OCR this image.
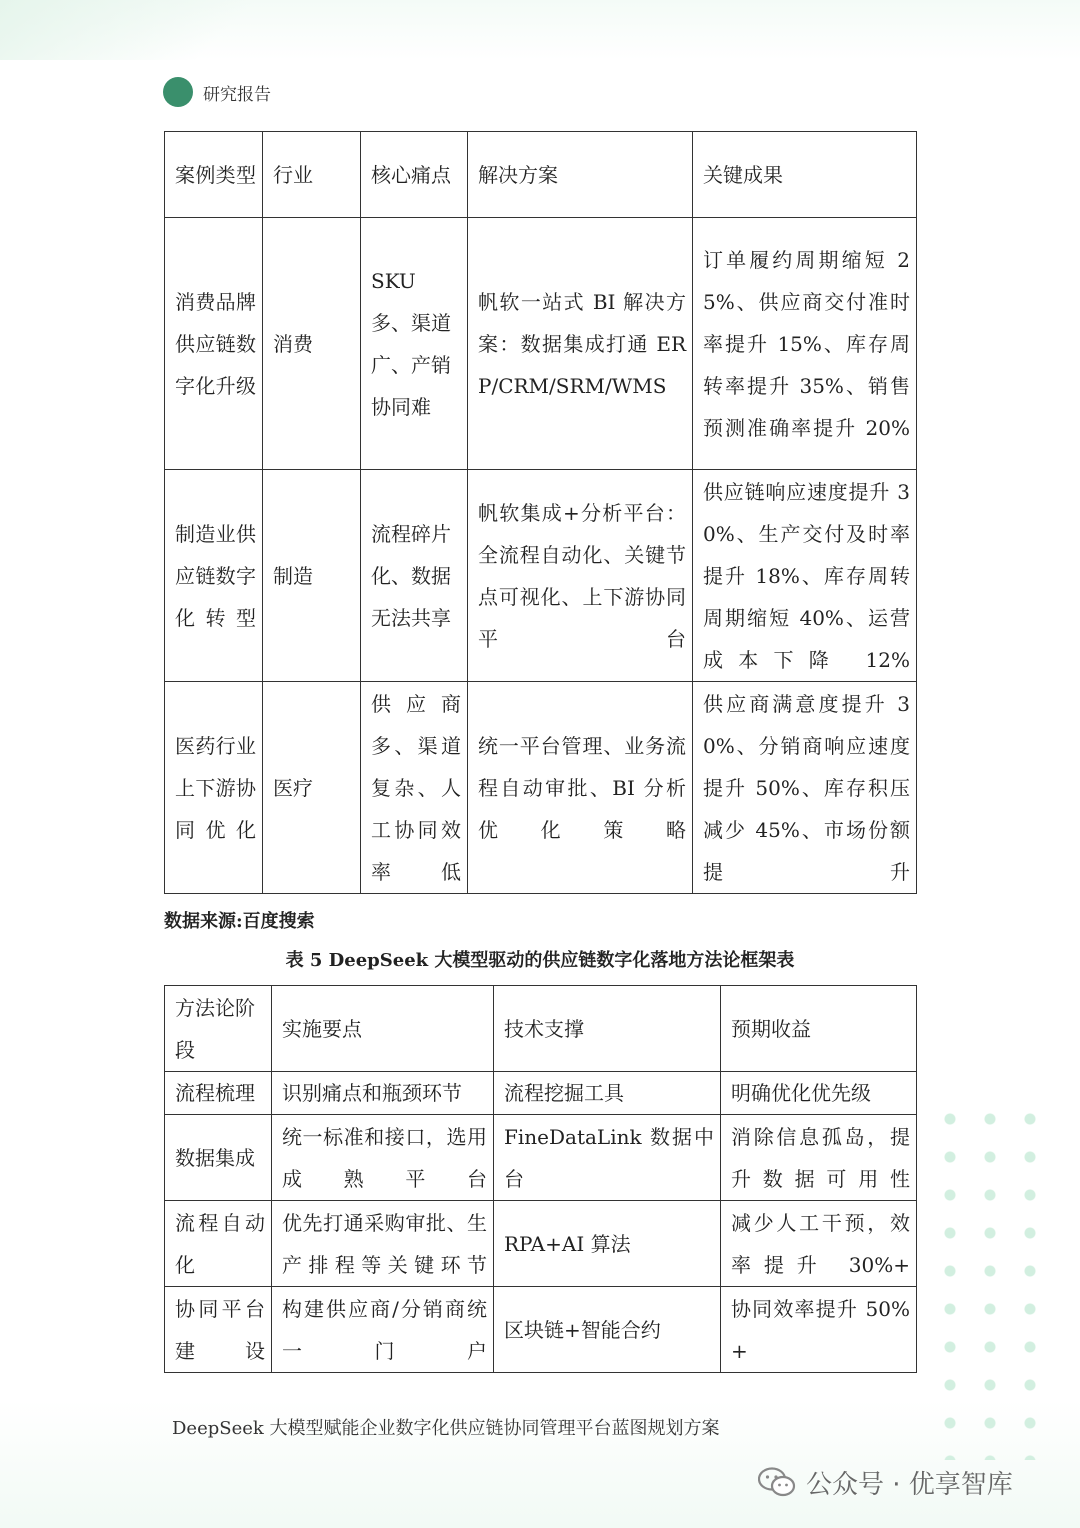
研究报告
案例类型	行业	核心痛点	解决方案	关键成果
消费品牌供应链数字化升级	消费	SKU 多、渠道广、产销协同难	帆软一站式 BI 解决方案：数据集成打通 ERP/CRM/SRM/WMS	订单履约周期缩短 25%、供应商交付准时率提升 15%、库存周转率提升 35%、销售预测准确率提升 20%
制造业供应链数字化转型	制造	流程碎片化、数据无法共享	帆软集成+分析平台：全流程自动化、关键节点可视化、上下游协同平台	供应链响应速度提升 30%、生产交付及时率提升 18%、库存周转周期缩短 40%、运营成本下降 12%
医药行业上下游协同优化	医疗	供应商多、渠道复杂、人工协同效率低	统一平台管理、业务流程自动审批、BI 分析优化策略	供应商满意度提升 30%、分销商响应速度提升 50%、库存积压减少 45%、市场份额提升
数据来源:百度搜索
表 5 DeepSeek 大模型驱动的供应链数字化落地方法论框架表
方法论阶段	实施要点	技术支撑	预期收益
流程梳理	识别痛点和瓶颈环节	流程挖掘工具	明确优化优先级
数据集成	统一标准和接口，选用成熟平台	FineDataLink 数据中台	消除信息孤岛，提升数据可用性
流程自动化	优先打通采购审批、生产排程等关键环节	RPA+AI 算法	减少人工干预，效率提升 30%+
协同平台建设	构建供应商/分销商统一门户	区块链+智能合约	协同效率提升 50%+
DeepSeek 大模型赋能企业数字化供应链协同管理平台蓝图规划方案
公众号 · 优享智库
